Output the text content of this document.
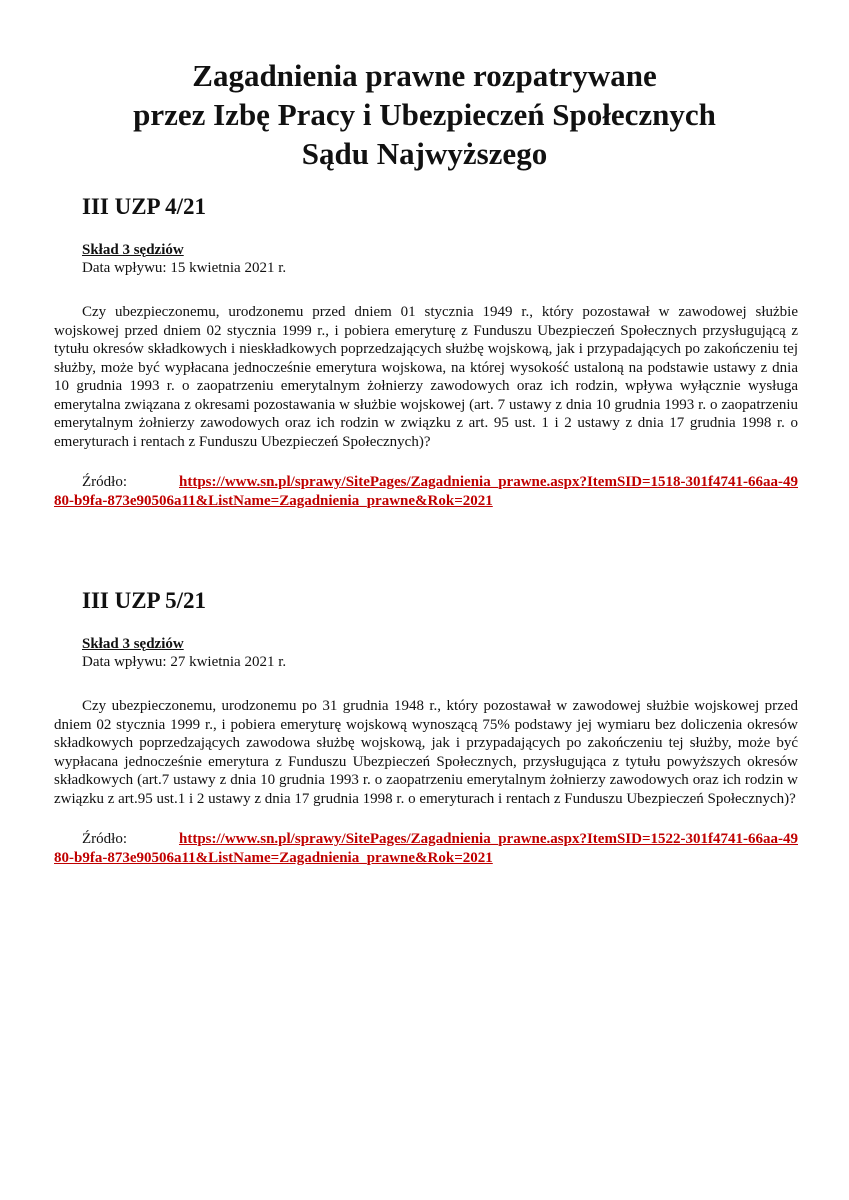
Zagadnienia prawne rozpatrywane
przez Izbę Pracy i Ubezpieczeń Społecznych
Sądu Najwyższego
III UZP 4/21
Skład 3 sędziów
Data wpływu: 15 kwietnia 2021 r.

Czy ubezpieczonemu, urodzonemu przed dniem 01 stycznia 1949 r., który pozostawał w zawodowej służbie wojskowej przed dniem 02 stycznia 1999 r., i pobiera emeryturę z Funduszu Ubezpieczeń Społecznych przysługującą z tytułu okresów składkowych i nieskładkowych poprzedzających służbę wojskową, jak i przypadających po zakończeniu tej służby, może być wypłacana jednocześnie emerytura wojskowa, na której wysokość ustaloną na podstawie ustawy z dnia 10 grudnia 1993 r. o zaopatrzeniu emerytalnym żołnierzy zawodowych oraz ich rodzin, wpływa wyłącznie wysługa emerytalna związana z okresami pozostawania w służbie wojskowej (art. 7 ustawy z dnia 10 grudnia 1993 r. o zaopatrzeniu emerytalnym żołnierzy zawodowych oraz ich rodzin w związku z art. 95 ust. 1 i 2 ustawy z dnia 17 grudnia 1998 r. o emeryturach i rentach z Funduszu Ubezpieczeń Społecznych)?

Źródło:	https://www.sn.pl/sprawy/SitePages/Zagadnienia_prawne.aspx?ItemSID=1518-301f4741-66aa-4980-b9fa-873e90506a11&ListName=Zagadnienia_prawne&Rok=2021
III UZP 5/21
Skład 3 sędziów
Data wpływu: 27 kwietnia 2021 r.

Czy ubezpieczonemu, urodzonemu po 31 grudnia 1948 r., który pozostawał w zawodowej służbie wojskowej przed dniem 02 stycznia 1999 r., i pobiera emeryturę wojskową wynoszącą 75% podstawy jej wymiaru bez doliczenia okresów składkowych poprzedzających zawodowa służbę wojskową, jak i przypadających po zakończeniu tej służby, może być wypłacana jednocześnie emerytura z Funduszu Ubezpieczeń Społecznych, przysługująca z tytułu powyższych okresów składkowych (art.7 ustawy z dnia 10 grudnia 1993 r. o zaopatrzeniu emerytalnym żołnierzy zawodowych oraz ich rodzin w związku z art.95 ust.1 i 2 ustawy z dnia 17 grudnia 1998 r. o emeryturach i rentach z Funduszu Ubezpieczeń Społecznych)?

Źródło:	https://www.sn.pl/sprawy/SitePages/Zagadnienia_prawne.aspx?ItemSID=1522-301f4741-66aa-4980-b9fa-873e90506a11&ListName=Zagadnienia_prawne&Rok=2021
